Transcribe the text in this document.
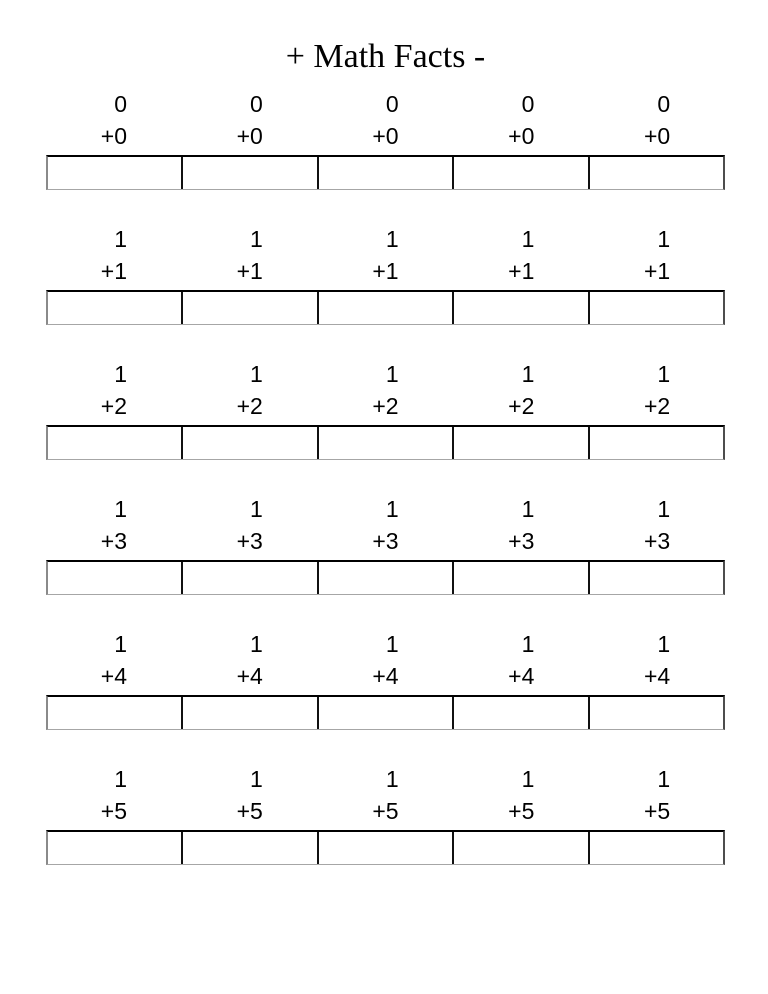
+ Math Facts -
0
+0
0
+0
0
+0
0
+0
0
+0
1
+1
1
+1
1
+1
1
+1
1
+1
1
+2
1
+2
1
+2
1
+2
1
+2
1
+3
1
+3
1
+3
1
+3
1
+3
1
+4
1
+4
1
+4
1
+4
1
+4
1
+5
1
+5
1
+5
1
+5
1
+5
